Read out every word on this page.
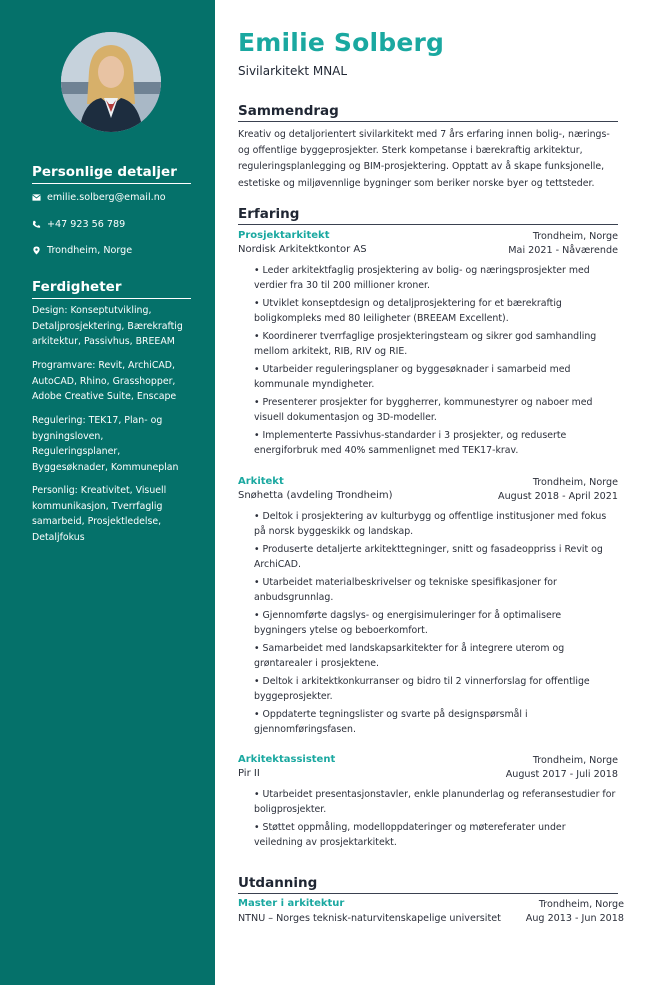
Personlige detaljer
emilie.solberg@email.no
+47 923 56 789
Trondheim, Norge
Ferdigheter
Design: Konseptutvikling, Detaljprosjektering, Bærekraftig arkitektur, Passivhus, BREEAM
Programvare: Revit, ArchiCAD, AutoCAD, Rhino, Grasshopper, Adobe Creative Suite, Enscape
Regulering: TEK17, Plan- og bygningsloven, Reguleringsplaner, Byggesøknader, Kommuneplan
Personlig: Kreativitet, Visuell kommunikasjon, Tverrfaglig samarbeid, Prosjektledelse, Detaljfokus
Emilie Solberg
Sivilarkitekt MNAL
Sammendrag
Kreativ og detaljorientert sivilarkitekt med 7 års erfaring innen bolig-, nærings- og offentlige byggeprosjekter. Sterk kompetanse i bærekraftig arkitektur, reguleringsplanlegging og BIM-prosjektering. Opptatt av å skape funksjonelle, estetiske og miljøvennlige bygninger som beriker norske byer og tettsteder.
Erfaring
Prosjektarkitekt	Trondheim, Norge
Nordisk Arkitektkontor AS	Mai 2021 - Nåværende
• Leder arkitektfaglig prosjektering av bolig- og næringsprosjekter med verdier fra 30 til 200 millioner kroner.
• Utviklet konseptdesign og detaljprosjektering for et bærekraftig boligkompleks med 80 leiligheter (BREEAM Excellent).
• Koordinerer tverrfaglige prosjekteringsteam og sikrer god samhandling mellom arkitekt, RIB, RIV og RIE.
• Utarbeider reguleringsplaner og byggesøknader i samarbeid med kommunale myndigheter.
• Presenterer prosjekter for byggherrer, kommunestyrer og naboer med visuell dokumentasjon og 3D-modeller.
• Implementerte Passivhus-standarder i 3 prosjekter, og reduserte energiforbruk med 40% sammenlignet med TEK17-krav.
Arkitekt	Trondheim, Norge
Snøhetta (avdeling Trondheim)	August 2018 - April 2021
• Deltok i prosjektering av kulturbygg og offentlige institusjoner med fokus på norsk byggeskikk og landskap.
• Produserte detaljerte arkitekttegninger, snitt og fasadeoppriss i Revit og ArchiCAD.
• Utarbeidet materialbeskrivelser og tekniske spesifikasjoner for anbudsgrunnlag.
• Gjennomførte dagslys- og energisimuleringer for å optimalisere bygningers ytelse og beboerkomfort.
• Samarbeidet med landskapsarkitekter for å integrere uterom og grøntarealer i prosjektene.
• Deltok i arkitektkonkurranser og bidro til 2 vinnerforslag for offentlige byggeprosjekter.
• Oppdaterte tegningslister og svarte på designspørsmål i gjennomføringsfasen.
Arkitektassistent	Trondheim, Norge
Pir II	August 2017 - Juli 2018
• Utarbeidet presentasjonstavler, enkle planunderlag og referansestudier for boligprosjekter.
• Støttet oppmåling, modelloppdateringer og møtereferater under veiledning av prosjektarkitekt.
Utdanning
Master i arkitektur	Trondheim, Norge
NTNU – Norges teknisk-naturvitenskapelige universitet	Aug 2013 - Jun 2018
